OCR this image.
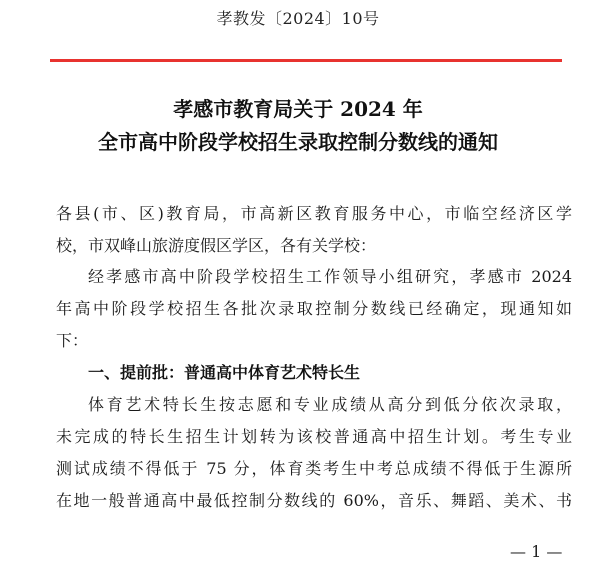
孝教发〔2024〕10号
孝感市教育局关于 2024 年
全市高中阶段学校招生录取控制分数线的通知
各县(市、区)教育局，市高新区教育服务中心，市临空经济区学
校，市双峰山旅游度假区学区，各有关学校：
经孝感市高中阶段学校招生工作领导小组研究，孝感市 2024
年高中阶段学校招生各批次录取控制分数线已经确定，现通知如
下：
一、提前批：普通高中体育艺术特长生
体育艺术特长生按志愿和专业成绩从高分到低分依次录取，
未完成的特长生招生计划转为该校普通高中招生计划。考生专业
测试成绩不得低于 75 分，体育类考生中考总成绩不得低于生源所
在地一般普通高中最低控制分数线的 60%，音乐、舞蹈、美术、书
— 1 —
